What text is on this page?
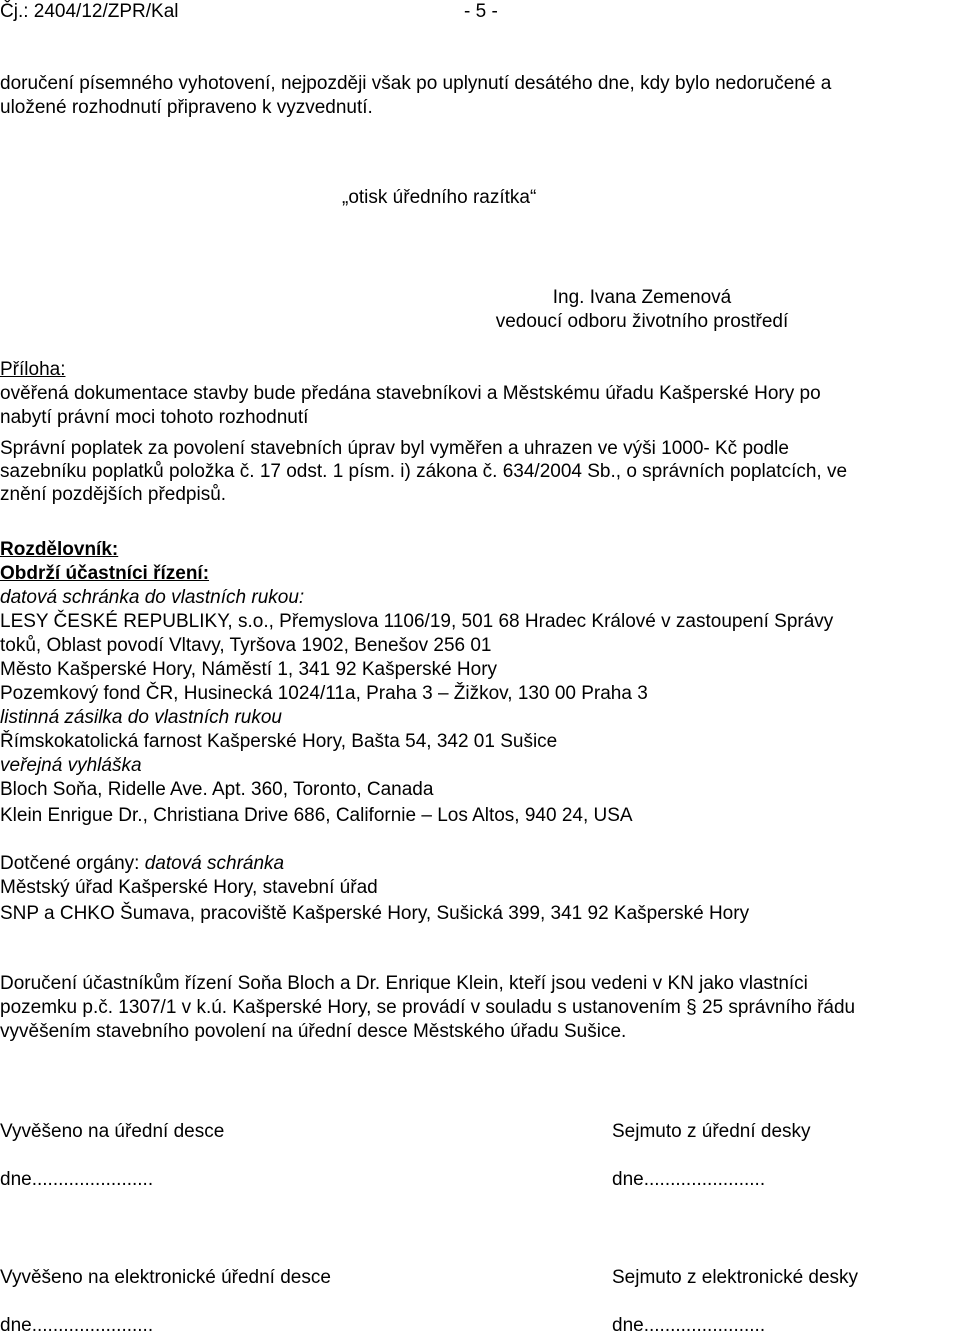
Čj.: 2404/12/ZPR/Kal	- 5 -
doručení písemného vyhotovení, nejpozději však po uplynutí desátého dne, kdy bylo nedoručené a
uložené rozhodnutí připraveno k vyzvednutí.
„otisk úředního razítka“
Ing. Ivana Zemenová
vedoucí odboru životního prostředí
Příloha:
ověřená dokumentace stavby bude předána stavebníkovi a Městskému úřadu Kašperské Hory po
nabytí právní moci tohoto rozhodnutí
Správní poplatek za povolení stavebních úprav byl vyměřen a uhrazen ve výši 1000- Kč podle
sazebníku poplatků položka č. 17 odst. 1 písm. i) zákona č. 634/2004 Sb., o správních poplatcích, ve
znění pozdějších předpisů.
Rozdělovník:
Obdrží účastníci řízení:
datová schránka do vlastních rukou:
LESY ČESKÉ REPUBLIKY, s.o., Přemyslova 1106/19, 501 68 Hradec Králové v zastoupení Správy
toků, Oblast povodí Vltavy, Tyršova 1902, Benešov 256 01
Město Kašperské Hory, Náměstí 1, 341 92 Kašperské Hory
Pozemkový fond ČR, Husinecká 1024/11a, Praha 3 – Žižkov, 130 00 Praha 3
listinná zásilka do vlastních rukou
Římskokatolická farnost Kašperské Hory, Bašta 54, 342 01 Sušice
veřejná vyhláška
Bloch Soňa, Ridelle Ave. Apt. 360, Toronto, Canada
Klein Enrigue Dr., Christiana Drive 686, Californie – Los Altos, 940 24, USA
Dotčené orgány: datová schránka
Městský úřad Kašperské Hory, stavební úřad
SNP a CHKO Šumava, pracoviště Kašperské Hory, Sušická 399, 341 92 Kašperské Hory
Doručení účastníkům řízení Soňa Bloch a Dr. Enrique Klein, kteří jsou vedeni v KN jako vlastníci
pozemku p.č. 1307/1 v k.ú. Kašperské Hory, se provádí v souladu s ustanovením § 25 správního řádu
vyvěšením stavebního povolení na úřední desce Městského úřadu Sušice.
Vyvěšeno na úřední desce	Sejmuto z úřední desky
dne.......................	dne.......................
Vyvěšeno na elektronické úřední desce	Sejmuto z elektronické desky
dne.......................	dne.......................
